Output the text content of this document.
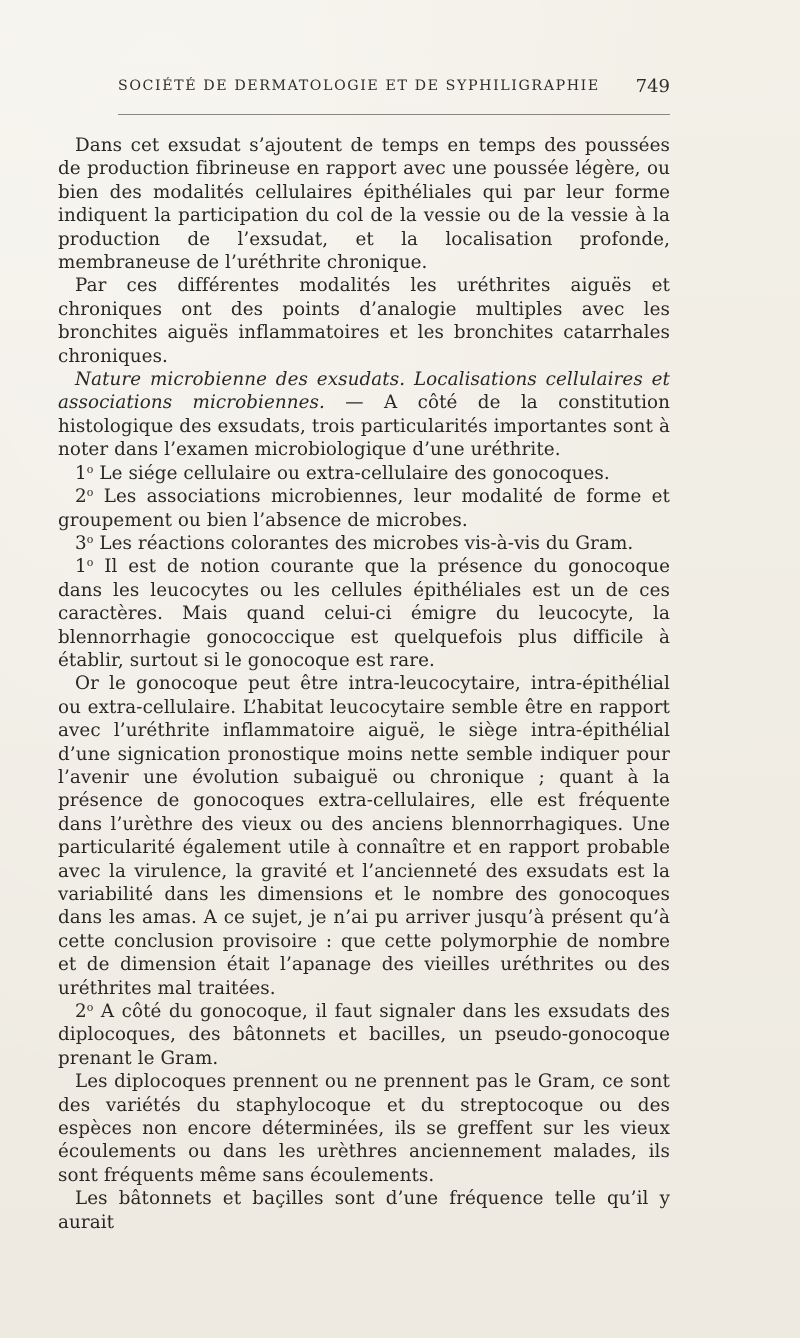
SOCIÉTÉ DE DERMATOLOGIE ET DE SYPHILIGRAPHIE 749

Dans cet exsudat s’ajoutent de temps en temps des poussées de production fibrineuse en rapport avec une poussée légère, ou bien des modalités cellulaires épithéliales qui par leur forme indiquent la participation du col de la vessie ou de la vessie à la production de l’exsudat, et la localisation profonde, membraneuse de l’uréthrite chronique.

Par ces différentes modalités les uréthrites aiguës et chroniques ont des points d’analogie multiples avec les bronchites aiguës inflammatoires et les bronchites catarrhales chroniques.

Nature microbienne des exsudats. Localisations cellulaires et associations microbiennes. — A côté de la constitution histologique des exsudats, trois particularités importantes sont à noter dans l’examen microbiologique d’une uréthrite.

1$^o$ Le siége cellulaire ou extra-cellulaire des gonocoques.

2$^o$ Les associations microbiennes, leur modalité de forme et groupement ou bien l’absence de microbes.

3$^o$ Les réactions colorantes des microbes vis-à-vis du Gram.

1$^o$ Il est de notion courante que la présence du gonocoque dans les leucocytes ou les cellules épithéliales est un de ces caractères. Mais quand celui-ci émigre du leucocyte, la blennorrhagie gonococcique est quelquefois plus difficile à établir, surtout si le gonocoque est rare.

Or le gonocoque peut être intra-leucocytaire, intra-épithélial ou extra-cellulaire. L’habitat leucocytaire semble être en rapport avec l’uréthrite inflammatoire aiguë, le siège intra-épithélial d’une signication pronostique moins nette semble indiquer pour l’avenir une évolution subaiguë ou chronique ; quant à la présence de gonocoques extra-cellulaires, elle est fréquente dans l’urèthre des vieux ou des anciens blennorrhagiques. Une particularité également utile à connaître et en rapport probable avec la virulence, la gravité et l’ancienneté des exsudats est la variabilité dans les dimensions et le nombre des gonocoques dans les amas. A ce sujet, je n’ai pu arriver jusqu’à présent qu’à cette conclusion provisoire : que cette polymorphie de nombre et de dimension était l’apanage des vieilles uréthrites ou des uréthrites mal traitées.

2$^o$ A côté du gonocoque, il faut signaler dans les exsudats des diplocoques, des bâtonnets et bacilles, un pseudo-gonocoque prenant le Gram.

Les diplocoques prennent ou ne prennent pas le Gram, ce sont des variétés du staphylocoque et du streptocoque ou des espèces non encore déterminées, ils se greffent sur les vieux écoulements ou dans les urèthres anciennement malades, ils sont fréquents même sans écoulements.

Les bâtonnets et baçilles sont d’une fréquence telle qu’il y aurait
